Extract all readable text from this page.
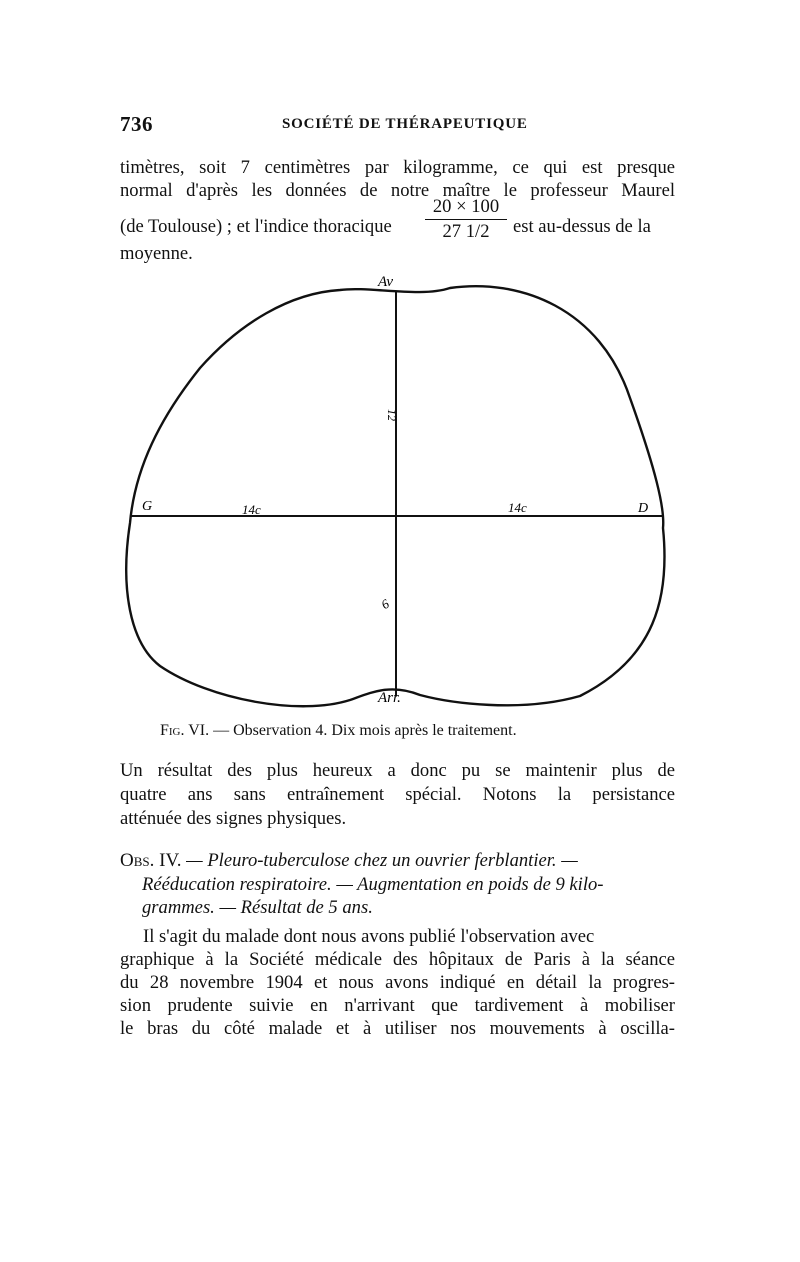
736	SOCIÉTÉ DE THÉRAPEUTIQUE
timètres, soit 7 centimètres par kilogramme, ce qui est presque
normal d'après les données de notre maître le professeur Maurel
(de Toulouse) ; et l'indice thoracique
20 × 100
27 1/2	est au-dessus de la
moyenne.
Av
Arr.
G	D
14c	14c
12
6
Fig. VI. — Observation 4. Dix mois après le traitement.
Un résultat des plus heureux a donc pu se maintenir plus de
quatre ans sans entraînement spécial. Notons la persistance
atténuée des signes physiques.
Obs. IV. — Pleuro-tuberculose chez un ouvrier ferblantier. —
Rééducation respiratoire. — Augmentation en poids de 9 kilo-
grammes. — Résultat de 5 ans.
Il s'agit du malade dont nous avons publié l'observation avec
graphique à la Société médicale des hôpitaux de Paris à la séance
du 28 novembre 1904 et nous avons indiqué en détail la progres-
sion prudente suivie en n'arrivant que tardivement à mobiliser
le bras du côté malade et à utiliser nos mouvements à oscilla-
